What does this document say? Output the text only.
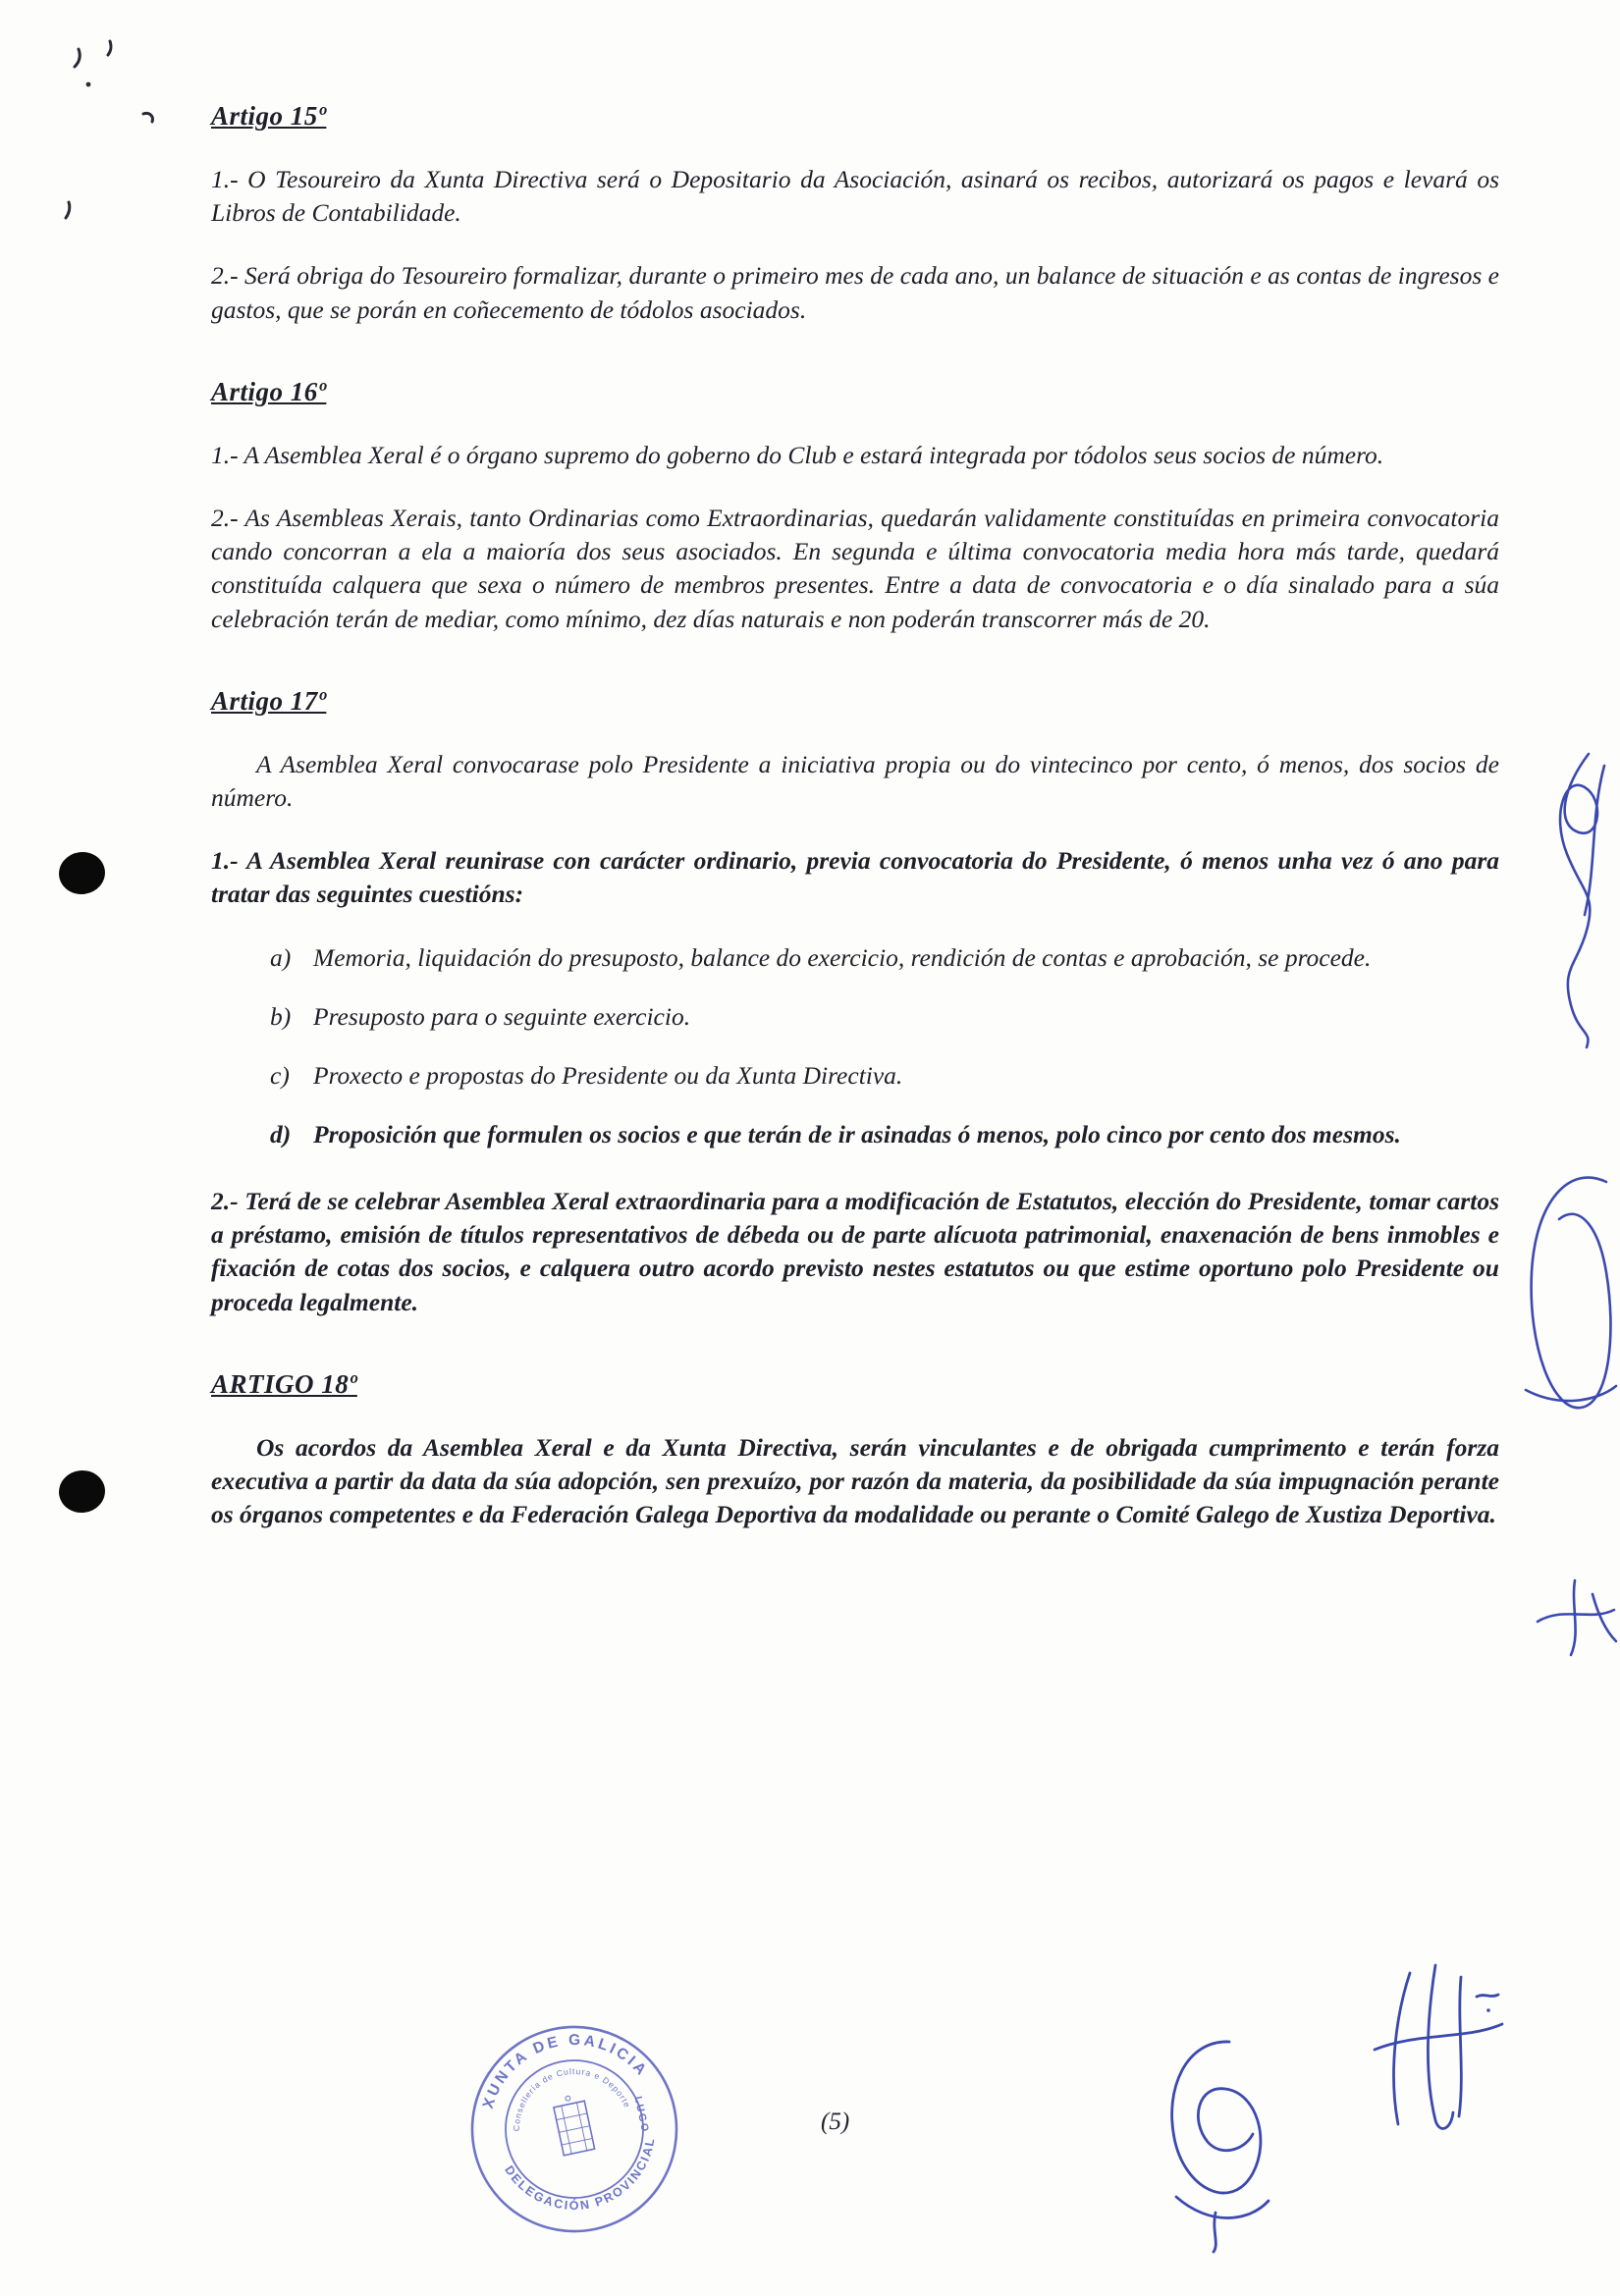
Artigo 15º

1.- O Tesoureiro da Xunta Directiva será o Depositario da Asociación, asinará os recibos, autorizará os pagos e levará os Libros de Contabilidade.

2.- Será obriga do Tesoureiro formalizar, durante o primeiro mes de cada ano, un balance de situación e as contas de ingresos e gastos, que se porán en coñecemento de tódolos asociados.

Artigo 16º

1.- A Asemblea Xeral é o órgano supremo do goberno do Club e estará integrada por tódolos seus socios de número.

2.- As Asembleas Xerais, tanto Ordinarias como Extraordinarias, quedarán validamente constituídas en primeira convocatoria cando concorran a ela a maioría dos seus asociados. En segunda e última convocatoria media hora más tarde, quedará constituída calquera que sexa o número de membros presentes. Entre a data de convocatoria e o día sinalado para a súa celebración terán de mediar, como mínimo, dez días naturais e non poderán transcorrer más de 20.

Artigo 17º

A Asemblea Xeral convocarase polo Presidente a iniciativa propia ou do vintecinco por cento, ó menos, dos socios de número.

1.- A Asemblea Xeral reunirase con carácter ordinario, previa convocatoria do Presidente, ó menos unha vez ó ano para tratar das seguintes cuestións:

a) Memoria, liquidación do presuposto, balance do exercicio, rendición de contas e aprobación, se procede.
b) Presuposto para o seguinte exercicio.
c) Proxecto e propostas do Presidente ou da Xunta Directiva.
d) Proposición que formulen os socios e que terán de ir asinadas ó menos, polo cinco por cento dos mesmos.

2.- Terá de se celebrar Asemblea Xeral extraordinaria para a modificación de Estatutos, elección do Presidente, tomar cartos a préstamo, emisión de títulos representativos de débeda ou de parte alícuota patrimonial, enaxenación de bens inmobles e fixación de cotas dos socios, e calquera outro acordo previsto nestes estatutos ou que estime oportuno polo Presidente ou proceda legalmente.

ARTIGO 18º

Os acordos da Asemblea Xeral e da Xunta Directiva, serán vinculantes e de obrigada cumprimento e terán forza executiva a partir da data da súa adopción, sen prexuízo, por razón da materia, da posibilidade da súa impugnación perante os órganos competentes e da Federación Galega Deportiva da modalidade ou perante o Comité Galego de Xustiza Deportiva.

XUNTA DE GALICIA
DELEGACIÓN PROVINCIAL
Consellería de Cultura e Deporte LUGO	(5)
